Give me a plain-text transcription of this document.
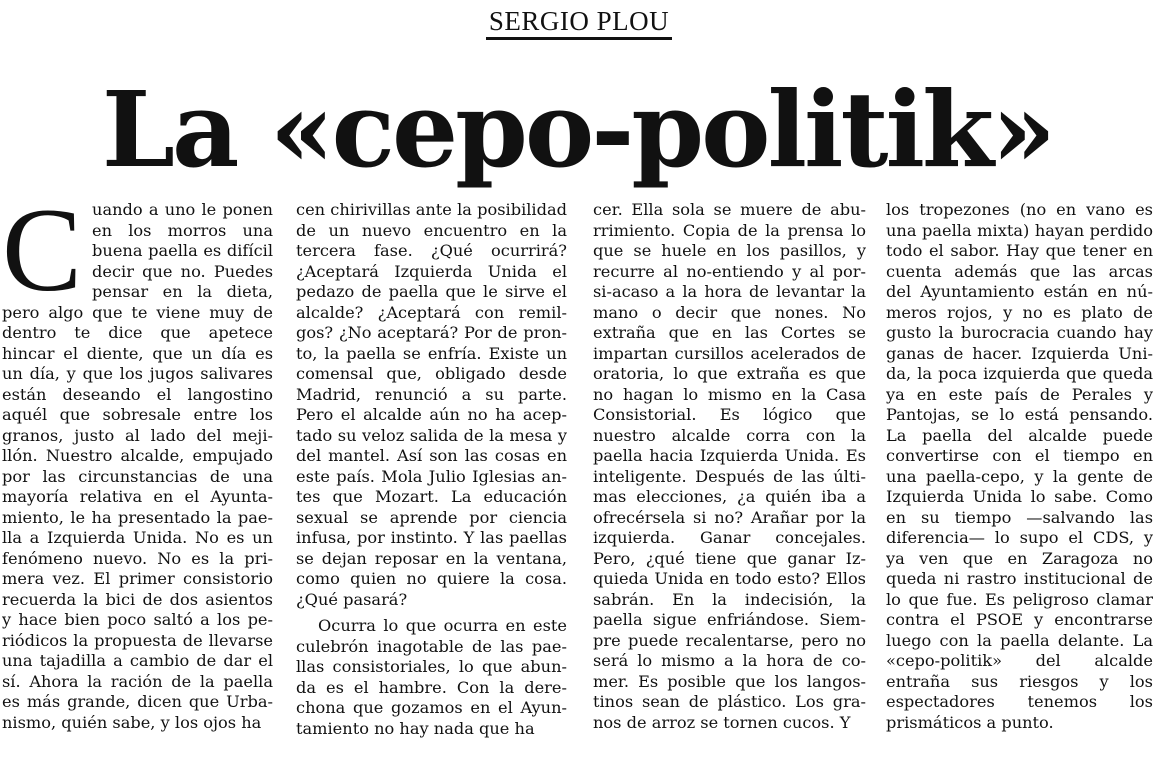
SERGIO PLOU
La «cepo-politik»
C uando a uno le ponen en los morros una buena paella es difícil decir que no. Puedes pensar en la dieta, pero algo que te viene muy de dentro te dice que apetece hincar el diente, que un día es un día, y que los jugos salivares están deseando el langostino aquél que sobresale entre los granos, justo al lado del mejillón. Nuestro alcalde, empujado por las circunstancias de una mayoría relativa en el Ayuntamiento, le ha presentado la paella a Izquierda Unida. No es un fenómeno nuevo. No es la primera vez. El primer consistorio recuerda la bici de dos asientos y hace bien poco saltó a los periódicos la propuesta de llevarse una tajadilla a cambio de dar el sí. Ahora la ración de la paella es más grande, dicen que Urbanismo, quién sabe, y los ojos ha

cen chirivillas ante la posibilidad de un nuevo encuentro en la tercera fase. ¿Qué ocurrirá? ¿Aceptará Izquierda Unida el pedazo de paella que le sirve el alcalde? ¿Aceptará con remilgos? ¿No aceptará? Por de pronto, la paella se enfría. Existe un comensal que, obligado desde Madrid, renunció a su parte. Pero el alcalde aún no ha aceptado su veloz salida de la mesa y del mantel. Así son las cosas en este país. Mola Julio Iglesias antes que Mozart. La educación sexual se aprende por ciencia infusa, por instinto. Y las paellas se dejan reposar en la ventana, como quien no quiere la cosa. ¿Qué pasará?

Ocurra lo que ocurra en este culebrón inagotable de las paellas consistoriales, lo que abunda es el hambre. Con la derechona que gozamos en el Ayuntamiento no hay nada que ha

cer. Ella sola se muere de aburrimiento. Copia de la prensa lo que se huele en los pasillos, y recurre al no-entiendo y al por-si-acaso a la hora de levantar la mano o decir que nones. No extraña que en las Cortes se impartan cursillos acelerados de oratoria, lo que extraña es que no hagan lo mismo en la Casa Consistorial. Es lógico que nuestro alcalde corra con la paella hacia Izquierda Unida. Es inteligente. Después de las últimas elecciones, ¿a quién iba a ofrecérsela si no? Arañar por la izquierda. Ganar concejales. Pero, ¿qué tiene que ganar Izquieda Unida en todo esto? Ellos sabrán. En la indecisión, la paella sigue enfriándose. Siempre puede recalentarse, pero no será lo mismo a la hora de comer. Es posible que los langostinos sean de plástico. Los granos de arroz se tornen cucos. Y

los tropezones (no en vano es una paella mixta) hayan perdido todo el sabor. Hay que tener en cuenta además que las arcas del Ayuntamiento están en números rojos, y no es plato de gusto la burocracia cuando hay ganas de hacer. Izquierda Unida, la poca izquierda que queda ya en este país de Perales y Pantojas, se lo está pensando. La paella del alcalde puede convertirse con el tiempo en una paella-cepo, y la gente de Izquierda Unida lo sabe. Como en su tiempo —salvando las diferencia— lo supo el CDS, y ya ven que en Zaragoza no queda ni rastro institucional de lo que fue. Es peligroso clamar contra el PSOE y encontrarse luego con la paella delante. La «cepo-politik» del alcalde entraña sus riesgos y los espectadores tenemos los prismáticos a punto.
